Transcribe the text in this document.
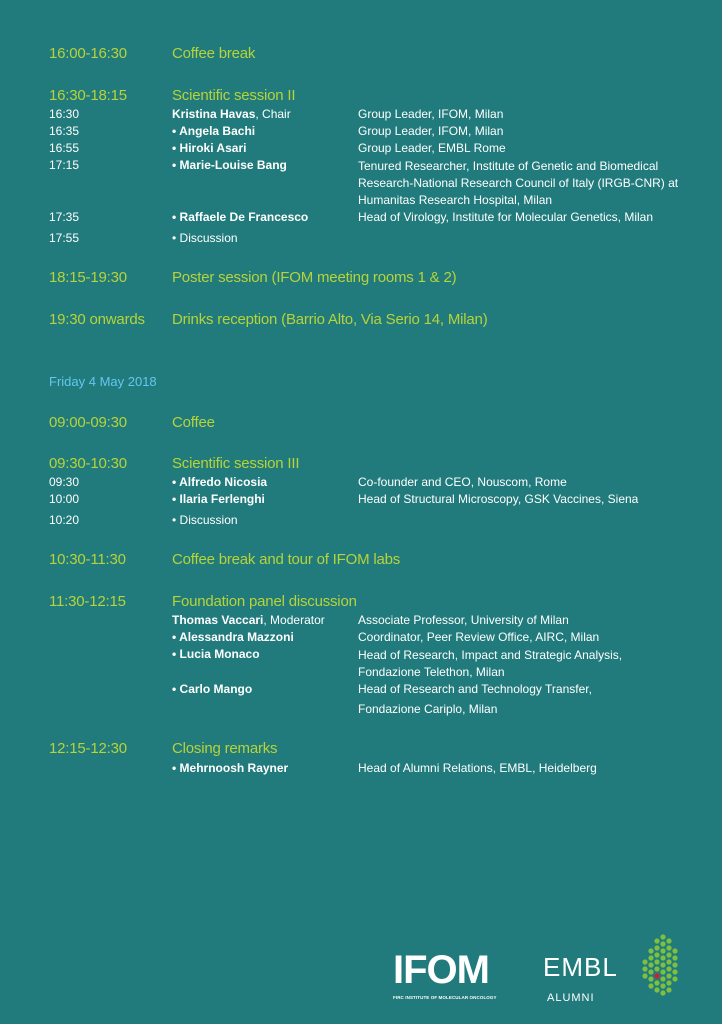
16:00-16:30	Coffee break
16:30-18:15	Scientific session II
16:30	Kristina Havas, Chair	Group Leader, IFOM, Milan
16:35	• Angela Bachi	Group Leader, IFOM, Milan
16:55	• Hiroki Asari	Group Leader, EMBL Rome
17:15	• Marie-Louise Bang	Tenured Researcher, Institute of Genetic and Biomedical Research-National Research Council of Italy (IRGB-CNR) at Humanitas Research Hospital, Milan
17:35	• Raffaele De Francesco	Head of Virology, Institute for Molecular Genetics, Milan
17:55	• Discussion
18:15-19:30	Poster session (IFOM meeting rooms 1 & 2)
19:30 onwards Drinks reception (Barrio Alto, Via Serio 14, Milan)
Friday 4 May 2018
09:00-09:30	Coffee
09:30-10:30	Scientific session III
09:30	• Alfredo Nicosia	Co-founder and CEO, Nouscom, Rome
10:00	• Ilaria Ferlenghi	Head of Structural Microscopy, GSK Vaccines, Siena
10:20	• Discussion
10:30-11:30	Coffee break and tour of IFOM labs
11:30-12:15	Foundation panel discussion
Thomas Vaccari, Moderator	Associate Professor, University of Milan
• Alessandra Mazzoni	Coordinator, Peer Review Office, AIRC, Milan
• Lucia Monaco	Head of Research, Impact and Strategic Analysis, Fondazione Telethon, Milan
• Carlo Mango	Head of Research and Technology Transfer,
Fondazione Cariplo, Milan
12:15-12:30	Closing remarks
• Mehrnoosh Rayner	Head of Alumni Relations, EMBL, Heidelberg
IFOM
FIRC INSTITUTE OF MOLECULAR ONCOLOGY
EMBL
ALUMNI
